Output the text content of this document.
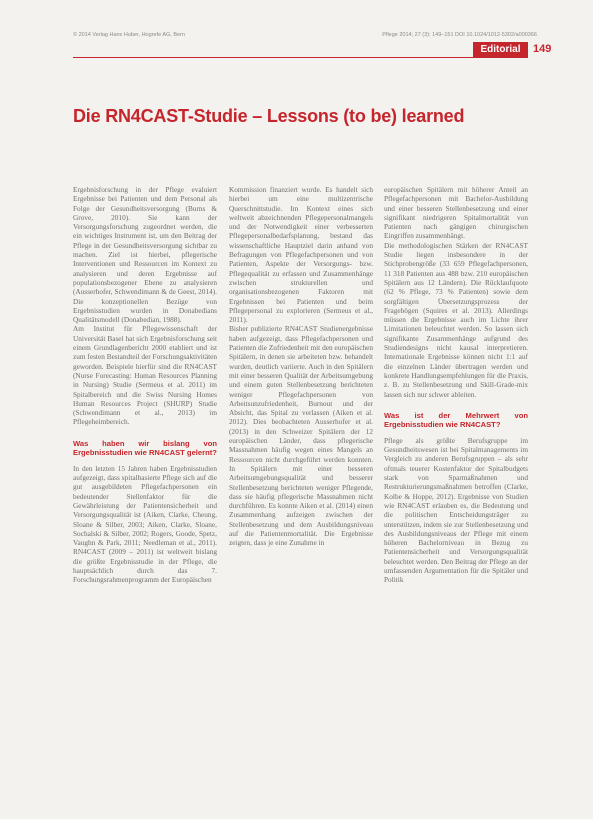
© 2014 Verlag Hans Huber, Hogrefe AG, Bern	Pflege 2014; 27 (3): 149–151 DOI 10.1024/1012-5302/a000366
Editorial	149
Die RN4CAST-Studie – Lessons (to be) learned

Ergebnisforschung in der Pflege evaluiert Ergebnisse bei Patienten und dem Personal als Folge der Gesundheitsversorgung (Burns & Grove, 2010). Sie kann der Versorgungsforschung zugeordnet werden, die ein wichtiges Instrument ist, um den Beitrag der Pflege in der Gesundheitsversorgung sichtbar zu machen. Ziel ist hierbei, pflegerische Interventionen und Ressourcen im Kontext zu analysieren und deren Ergebnisse auf populationsbezogener Ebene zu analysieren (Ausserhofer, Schwendimann & de Geest, 2014). Die konzeptionellen Bezüge von Ergebnisstudien wurden in Donabedians Qualitätsmodell (Donabedian, 1988).

Am Institut für Pflegewissenschaft der Universität Basel hat sich Ergebnisforschung seit einem Grundlagenbericht 2000 etabliert und ist zum festen Bestandteil der Forschungsaktivitäten geworden. Beispiele hierfür sind die RN4CAST (Nurse Forecasting: Human Resources Planning in Nursing) Studie (Sermeus et al. 2011) im Spitalbereich und die Swiss Nursing Homes Human Resources Project (SHURP) Studie (Schwendimann et al., 2013) im Pflegeheimbereich.

Was haben wir bislang von Ergebnisstudien wie RN4CAST gelernt?

In den letzten 15 Jahren haben Ergebnisstudien aufgezeigt, dass spitalbasierte Pflege sich auf die gut ausgebildeten Pflegefachpersonen ein bedeutender Stellenfaktor für die Gewährleistung der Patientensicherheit und Versorgungsqualität ist (Aiken, Clarke, Cheung, Sloane & Silber, 2003; Aiken, Clarke, Sloane, Sochalski & Silber, 2002; Rogers, Goode, Spetz, Vaughn & Park, 2011; Needleman et al., 2011). RN4CAST (2009 – 2011) ist weltweit bislang die größte Ergebnisstudie in der Pflege, die hauptsächlich durch das 7. Forschungsrahmenprogramm der Europäischen

Kommission finanziert wurde. Es handelt sich hierbei um eine multizentrische Querschnittstudie. Im Kontext eines sich weltweit abzeichnenden Pflegepersonalmangels und der Notwendigkeit einer verbesserten Pflegepersonalbedarfsplanung, bestand das wissenschaftliche Hauptziel darin anhand von Befragungen von Pflegefachpersonen und von Patienten, Aspekte der Versorgungs- bzw. Pflegequalität zu erfassen und Zusammenhänge zwischen strukturellen und organisationsbezogenen Faktoren mit Ergebnissen bei Patienten und beim Pflegepersonal zu explorieren (Sermeus et al., 2011).

Bisher publizierte RN4CAST Studienergebnisse haben aufgezeigt, dass Pflegefachpersonen und Patienten die Zufriedenheit mit den europäischen Spitälern, in denen sie arbeiteten bzw. behandelt wurden, deutlich variierte. Auch in den Spitälern mit einer besseren Qualität der Arbeitsumgebung und einem guten Stellenbesetzung berichteten weniger Pflegefachpersonen von Arbeitsunzufriedenheit, Burnout und der Absicht, das Spital zu verlassen (Aiken et al. 2012). Dies beobachteten Ausserhofer et al. (2013) in den Schweizer Spitälern der 12 europäischen Länder, dass pflegerische Massnahmen häufig wegen eines Mangels an Ressourcen nicht durchgeführt werden konnten. In Spitälern mit einer besseren Arbeitsumgebungsqualität und besserer Stellenbesetzung berichteten weniger Pflegende, dass sie häufig pflegerische Massnahmen nicht durchführen. Es konnte Aiken et al. (2014) einen Zusammenhang aufzeigen zwischen der Stellenbesetzung und dem Ausbildungsniveau auf die Patientenmortalität. Die Ergebnisse zeigten, dass je eine Zunahme in

europäischen Spitälern mit höherer Anteil an Pflegefachpersonen mit Bachelor-Ausbildung und einer besseren Stellenbesetzung und einer signifikant niedrigeren Spitalmortalität von Patienten nach gängigen chirurgischen Eingriffen zusammenhängt.

Die methodologischen Stärken der RN4CAST Studie liegen insbesondere in der Stichprobengröße (33 659 Pflegefachpersonen, 11 318 Patienten aus 488 bzw. 210 europäischen Spitälern aus 12 Ländern). Die Rücklaufquote (62 % Pflege, 73 % Patienten) sowie dem sorgfältigen Übersetzungsprozess der Fragebögen (Squires et al. 2013). Allerdings müssen die Ergebnisse auch im Lichte ihrer Limitationen beleuchtet werden. So lassen sich signifikante Zusammenhänge aufgrund des Studiendesigns nicht kausal interpretieren. Internationale Ergebnisse können nicht 1:1 auf die einzelnen Länder übertragen werden und konkrete Handlungsempfehlungen für die Praxis, z. B. zu Stellenbesetzung und Skill-Grade-mix lassen sich nur schwer ableiten.

Was ist der Mehrwert von Ergebnisstudien wie RN4CAST?

Pflege als größte Berufsgruppe im Gesundheitswesen ist bei Spitalmanagements im Vergleich zu anderen Berufsgruppen – als sehr oftmals teuerer Kostenfaktor der Spitalbudgets stark von Sparmaßnahmen und Restrukturierungsmaßnahmen betroffen (Clarke, Kolbe & Hoppe, 2012). Ergebnisse von Studien wie RN4CAST erlauben es, die Bedeutung und die politischen Entscheidungsträger zu unterstützen, indem sie zur Stellenbesetzung und des Ausbildungsniveaus der Pflege mit einem höheren Bachelorniveau in Bezug zu Patientensicherheit und Versorgungsqualität beleuchtet werden. Den Beitrag der Pflege an der umfassenden Argumentation für die Spitäler und Politik
